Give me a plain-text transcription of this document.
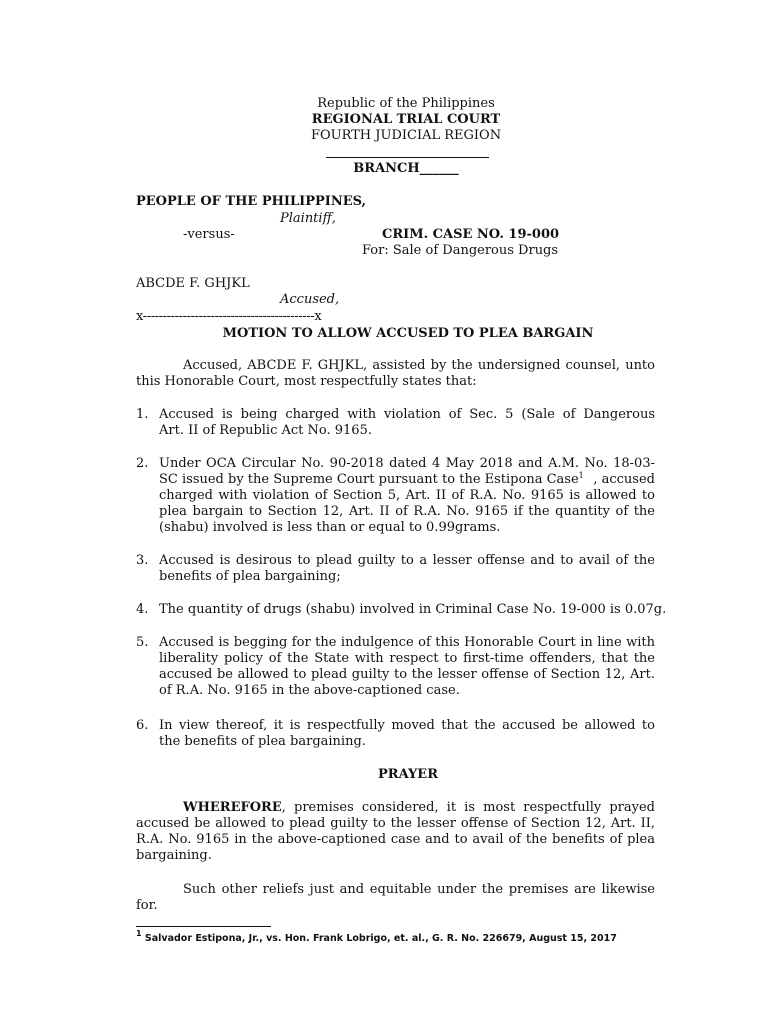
Republic of the Philippines
REGIONAL TRIAL COURT
FOURTH JUDICIAL REGION
BRANCH______
PEOPLE OF THE PHILIPPINES,
Plaintiff,
-versus-	CRIM. CASE NO. 19-000
For: Sale of Dangerous Drugs
ABCDE F. GHJKL
Accused,
x-------------------------------------------x
MOTION TO ALLOW ACCUSED TO PLEA BARGAIN
Accused, ABCDE F. GHJKL, assisted by the undersigned counsel, unto
this Honorable Court, most respectfully states that:
1. Accused is being charged with violation of Sec. 5 (Sale of Dangerous
Art. II of Republic Act No. 9165.
2. Under OCA Circular No. 90-2018 dated 4 May 2018 and A.M. No. 18-03-
SC issued by the Supreme Court pursuant to the Estipona Case$^1$ , accused
charged with violation of Section 5, Art. II of R.A. No. 9165 is allowed to
plea bargain to Section 12, Art. II of R.A. No. 9165 if the quantity of the
(shabu) involved is less than or equal to 0.99grams.
3. Accused is desirous to plead guilty to a lesser offense and to avail of the
benefits of plea bargaining;
4. The quantity of drugs (shabu) involved in Criminal Case No. 19-000 is 0.07g.
5. Accused is begging for the indulgence of this Honorable Court in line with
liberality policy of the State with respect to first-time offenders, that the
accused be allowed to plead guilty to the lesser offense of Section 12, Art.
of R.A. No. 9165 in the above-captioned case.
6. In view thereof, it is respectfully moved that the accused be allowed to
the benefits of plea bargaining.
PRAYER
WHEREFORE, premises considered, it is most respectfully prayed
accused be allowed to plead guilty to the lesser offense of Section 12, Art. II,
R.A. No. 9165 in the above-captioned case and to avail of the benefits of plea
bargaining.
Such other reliefs just and equitable under the premises are likewise
for.
$^1$ Salvador Estipona, Jr., vs. Hon. Frank Lobrigo, et. al., G. R. No. 226679, August 15, 2017
